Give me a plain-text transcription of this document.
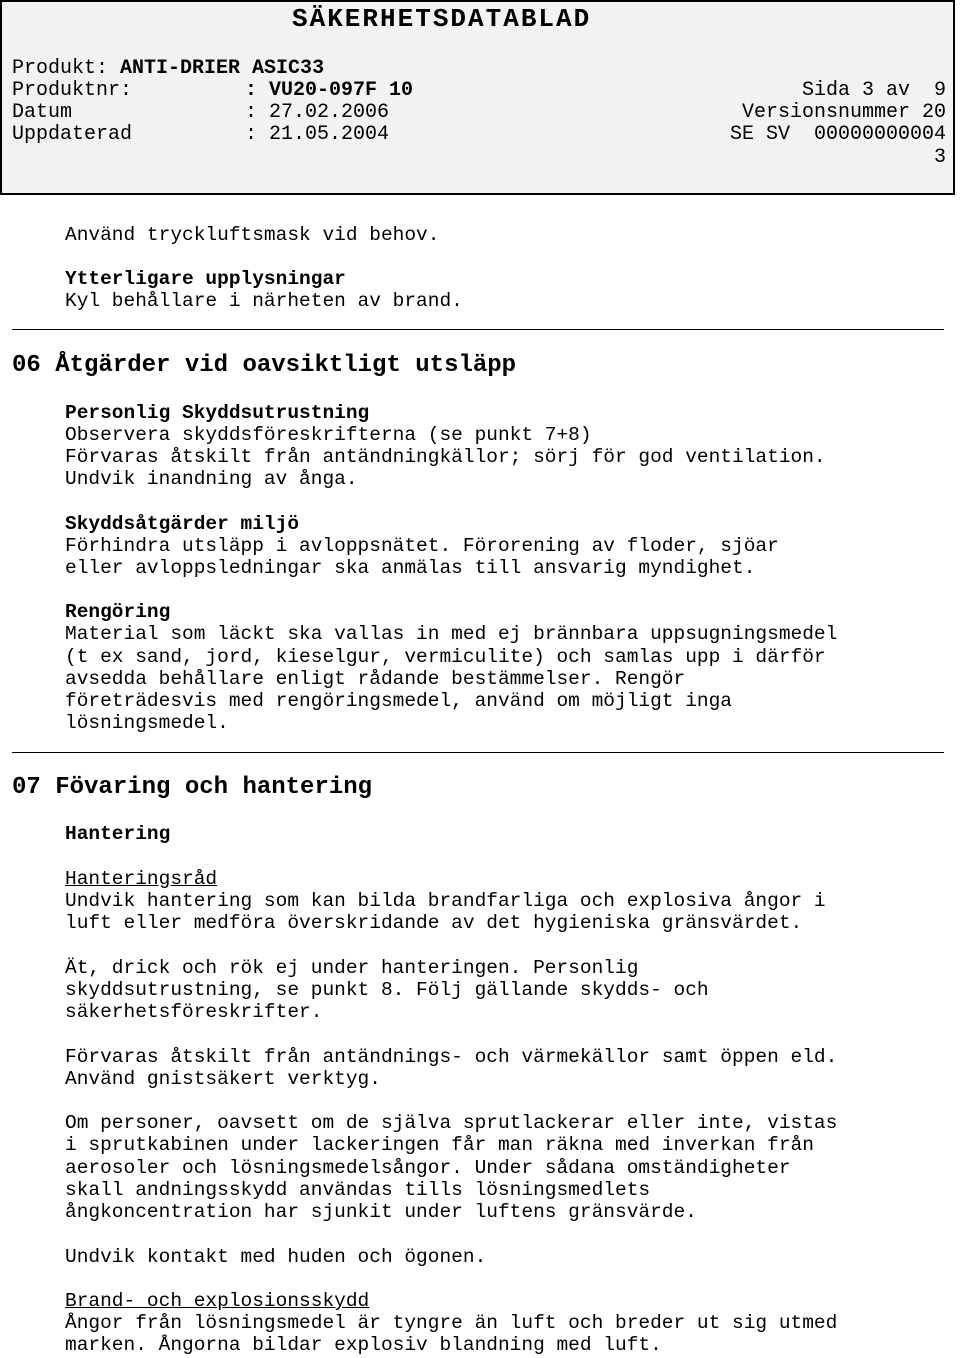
SÄKERHETSDATABLAD
Produkt: ANTI-DRIER ASIC33
Produktnr:	: VU20-097F 10
Datum	: 27.02.2006
Uppdaterad	: 21.05.2004
Sida 3 av  9
Versionsnummer 20
SE SV  00000000004
3
Använd tryckluftsmask vid behov.
Ytterligare upplysningar
Kyl behållare i närheten av brand.
06 Åtgärder vid oavsiktligt utsläpp
Personlig Skyddsutrustning
Observera skyddsföreskrifterna (se punkt 7+8)
Förvaras åtskilt från antändningkällor; sörj för god ventilation.
Undvik inandning av ånga.
Skyddsåtgärder miljö
Förhindra utsläpp i avloppsnätet. Förorening av floder, sjöar
eller avloppsledningar ska anmälas till ansvarig myndighet.
Rengöring
Material som läckt ska vallas in med ej brännbara uppsugningsmedel
(t ex sand, jord, kieselgur, vermiculite) och samlas upp i därför
avsedda behållare enligt rådande bestämmelser. Rengör
företrädesvis med rengöringsmedel, använd om möjligt inga
lösningsmedel.
07 Fövaring och hantering
Hantering
Hanteringsråd
Undvik hantering som kan bilda brandfarliga och explosiva ångor i
luft eller medföra överskridande av det hygieniska gränsvärdet.
Ät, drick och rök ej under hanteringen. Personlig
skyddsutrustning, se punkt 8. Följ gällande skydds- och
säkerhetsföreskrifter.
Förvaras åtskilt från antändnings- och värmekällor samt öppen eld.
Använd gnistsäkert verktyg.
Om personer, oavsett om de själva sprutlackerar eller inte, vistas
i sprutkabinen under lackeringen får man räkna med inverkan från
aerosoler och lösningsmedelsångor. Under sådana omständigheter
skall andningsskydd användas tills lösningsmedlets
ångkoncentration har sjunkit under luftens gränsvärde.
Undvik kontakt med huden och ögonen.
Brand- och explosionsskydd
Ångor från lösningsmedel är tyngre än luft och breder ut sig utmed
marken. Ångorna bildar explosiv blandning med luft.
